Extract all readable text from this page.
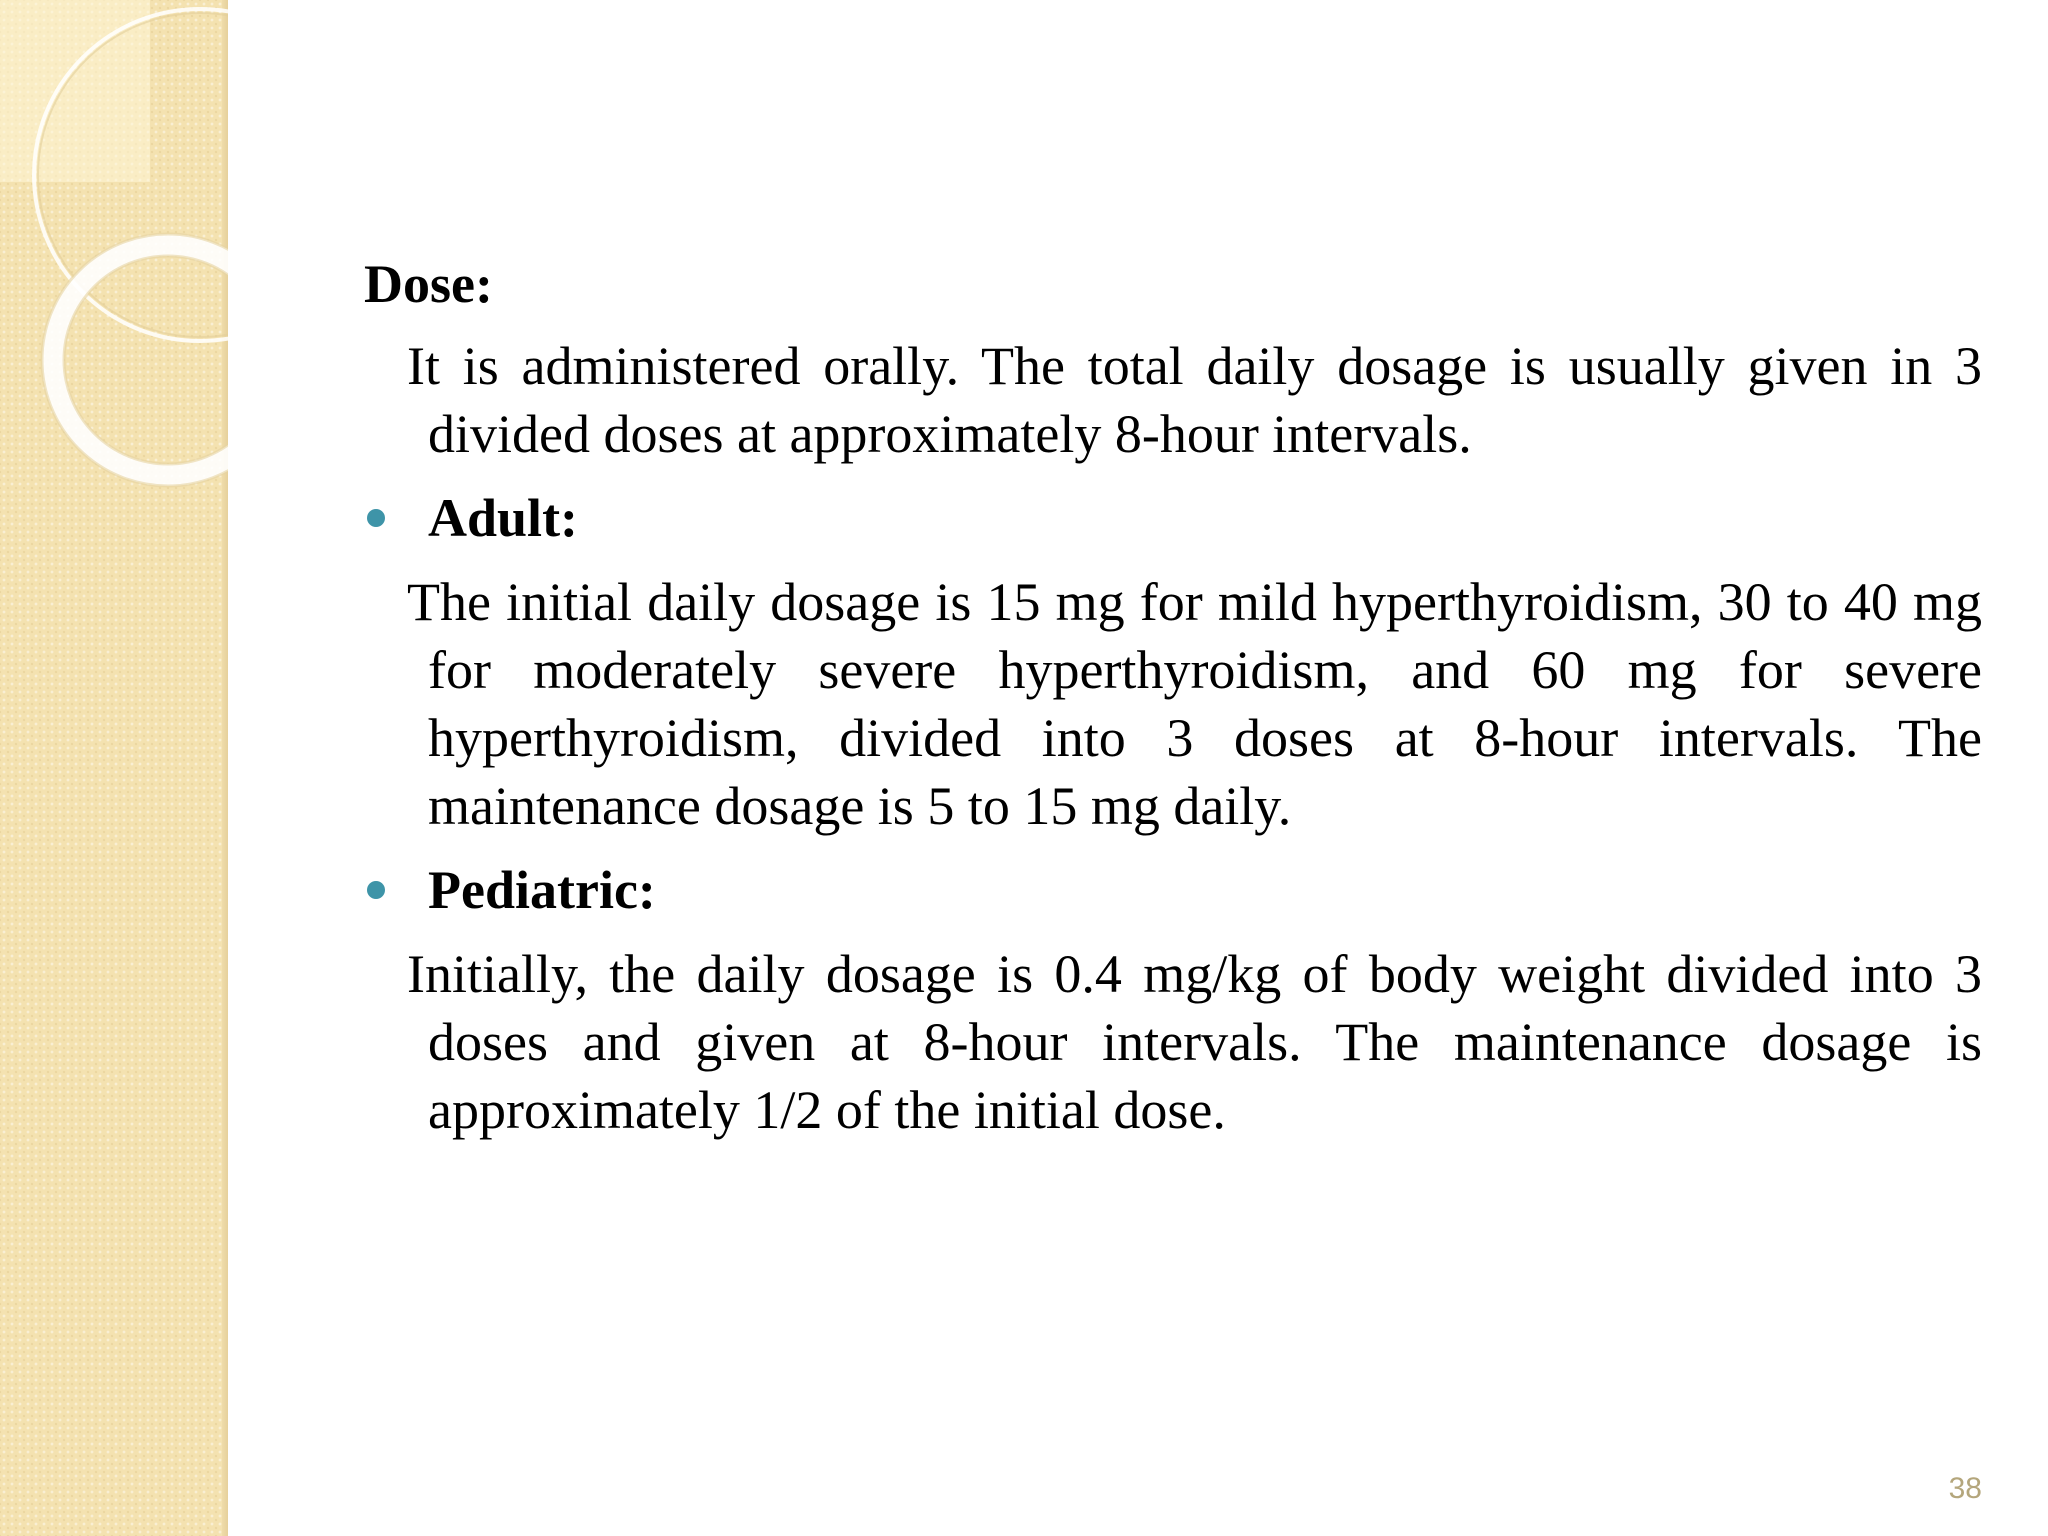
Dose:

It is administered orally. The total daily dosage is usually given in 3 divided doses at approximately 8-hour intervals.

Adult:

The initial daily dosage is 15 mg for mild hyperthyroidism, 30 to 40 mg for moderately severe hyperthyroidism, and 60 mg for severe hyperthyroidism, divided into 3 doses at 8-hour intervals. The maintenance dosage is 5 to 15 mg daily.

Pediatric:

Initially, the daily dosage is 0.4 mg/kg of body weight divided into 3 doses and given at 8-hour intervals. The maintenance dosage is approximately 1/2 of the initial dose.

38
